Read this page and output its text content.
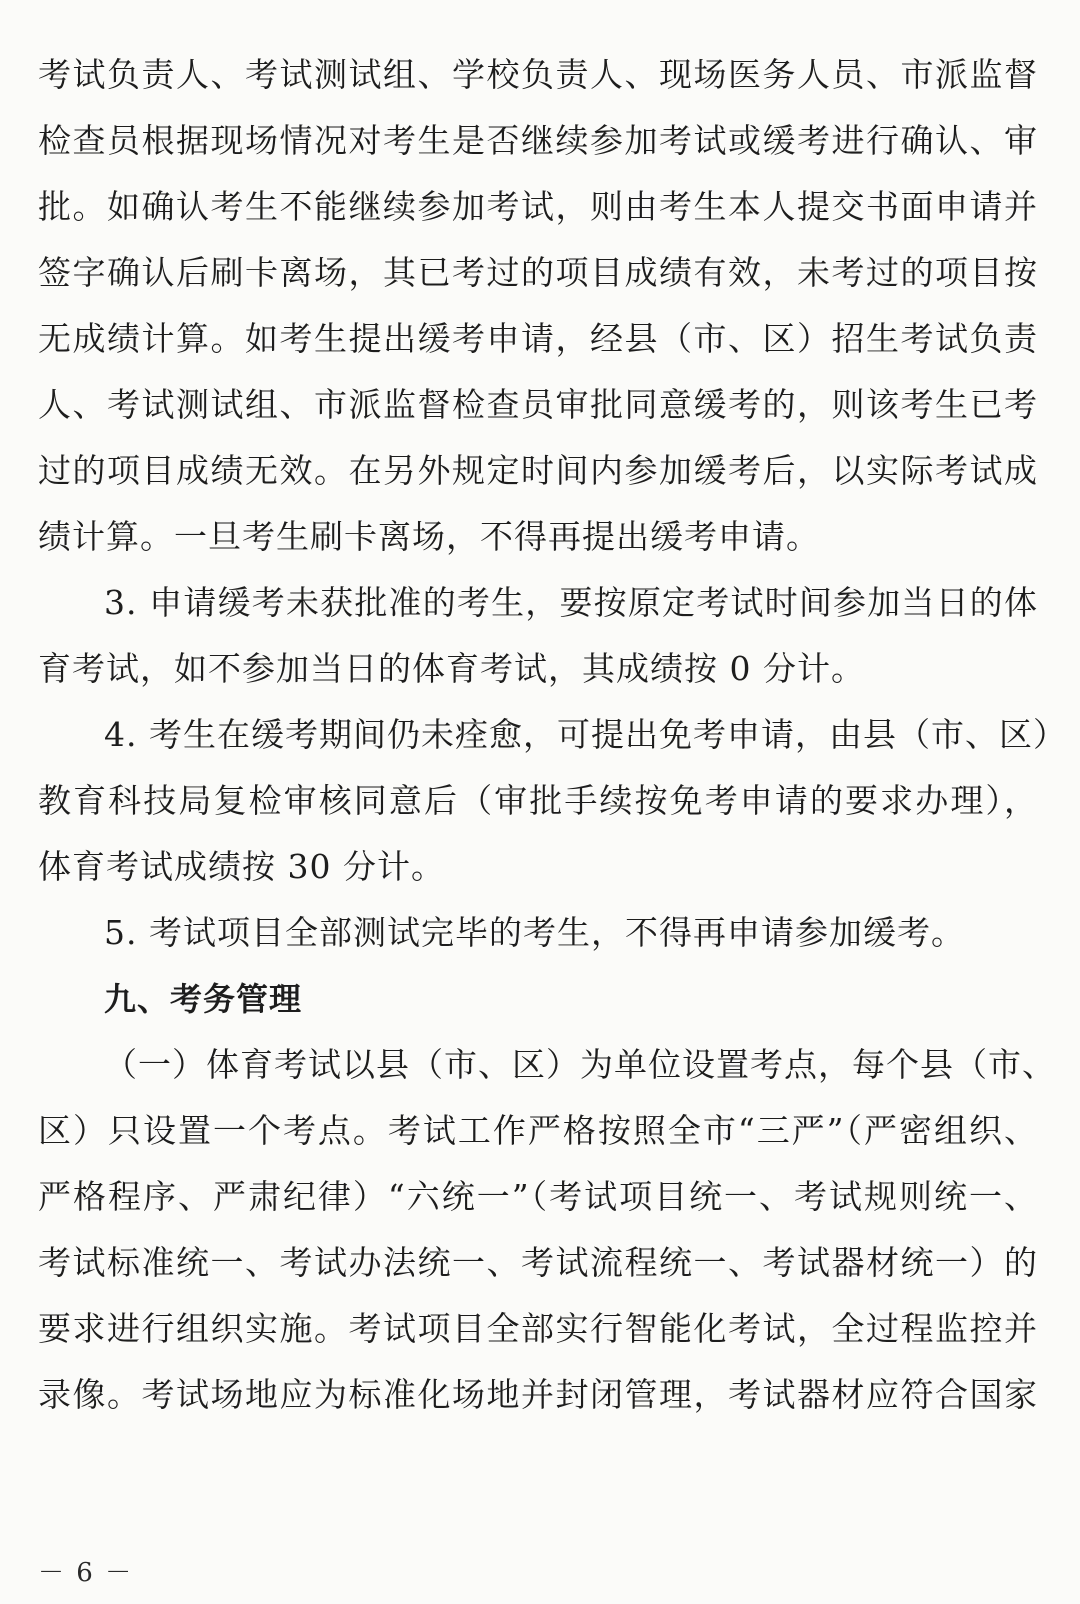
考试负责人、考试测试组、学校负责人、现场医务人员、市派监督
检查员根据现场情况对考生是否继续参加考试或缓考进行确认、审
批。如确认考生不能继续参加考试，则由考生本人提交书面申请并
签字确认后刷卡离场，其已考过的项目成绩有效，未考过的项目按
无成绩计算。如考生提出缓考申请，经县（市、区）招生考试负责
人、考试测试组、市派监督检查员审批同意缓考的，则该考生已考
过的项目成绩无效。在另外规定时间内参加缓考后，以实际考试成
绩计算。一旦考生刷卡离场，不得再提出缓考申请。
3. 申请缓考未获批准的考生，要按原定考试时间参加当日的体
育考试，如不参加当日的体育考试，其成绩按 0 分计。
4. 考生在缓考期间仍未痊愈，可提出免考申请，由县（市、区）
教育科技局复检审核同意后（审批手续按免考申请的要求办理），
体育考试成绩按 30 分计。
5. 考试项目全部测试完毕的考生，不得再申请参加缓考。
九、考务管理
（一）体育考试以县（市、区）为单位设置考点，每个县（市、
区）只设置一个考点。考试工作严格按照全市“三严”（严密组织、
严格程序、严肃纪律）“六统一”（考试项目统一、考试规则统一、
考试标准统一、考试办法统一、考试流程统一、考试器材统一）的
要求进行组织实施。考试项目全部实行智能化考试，全过程监控并
录像。考试场地应为标准化场地并封闭管理，考试器材应符合国家
－ 6 －
